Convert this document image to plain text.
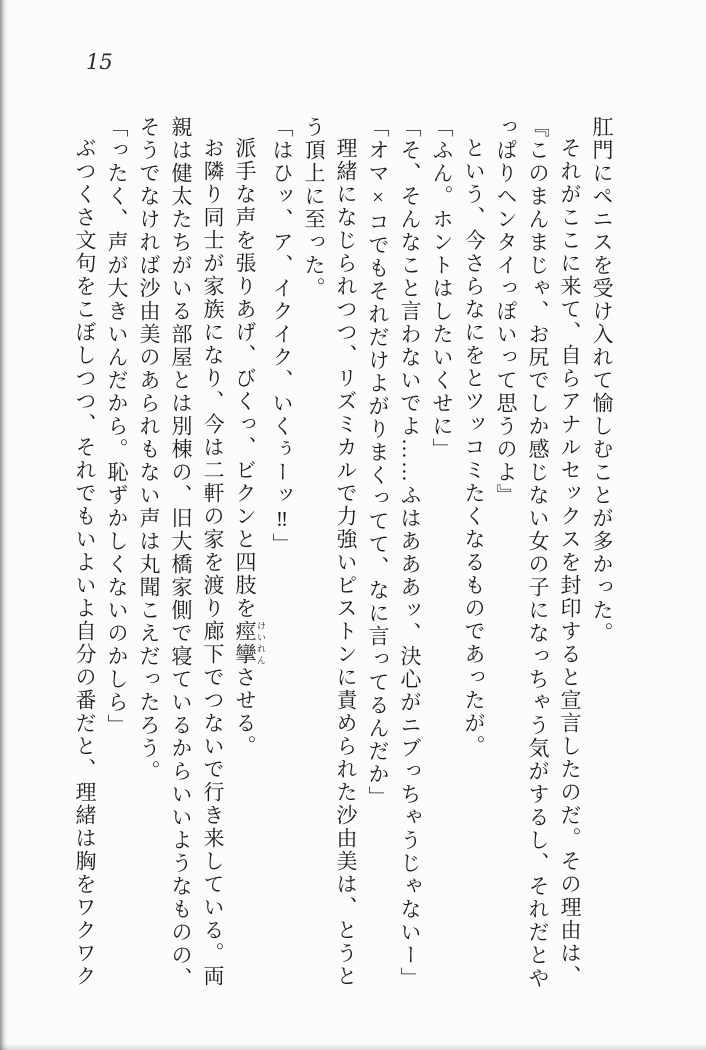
15

肛門にペニスを受け入れて愉しむことが多かった。

それがここに来て、自らアナルセックスを封印すると宣言したのだ。その理由は、

『このまんまじゃ、お尻でしか感じない女の子になっちゃう気がするし、それだとや

っぱりヘンタイっぽいって思うのよ』

という、今さらなにをとツッコミたくなるものであったが。

「ふん。ホントはしたいくせに」

「そ、そんなこと言わないでよ……ふはあああッ、決心がニブっちゃうじゃないー」

「オマ×コでもそれだけよがりまくってて、なに言ってるんだか」

理緒になじられつつ、リズミカルで力強いピストンに責められた沙由美は、とうと

う頂上に至った。

「はひッ、ア、イクイク、いくぅーッ‼」

派手な声を張りあげ、びくっ、ビクンと四肢を痙攣 けいれんさせる。

お隣り同士が家族になり、今は二軒の家を渡り廊下でつないで行き来している。両

親は健太たちがいる部屋とは別棟の、旧大橋家側で寝ているからいいようなものの、

そうでなければ沙由美のあられもない声は丸聞こえだったろう。

「ったく、声が大きいんだから。恥ずかしくないのかしら」

ぶつくさ文句をこぼしつつ、それでもいよいよ自分の番だと、理緒は胸をワクワク
